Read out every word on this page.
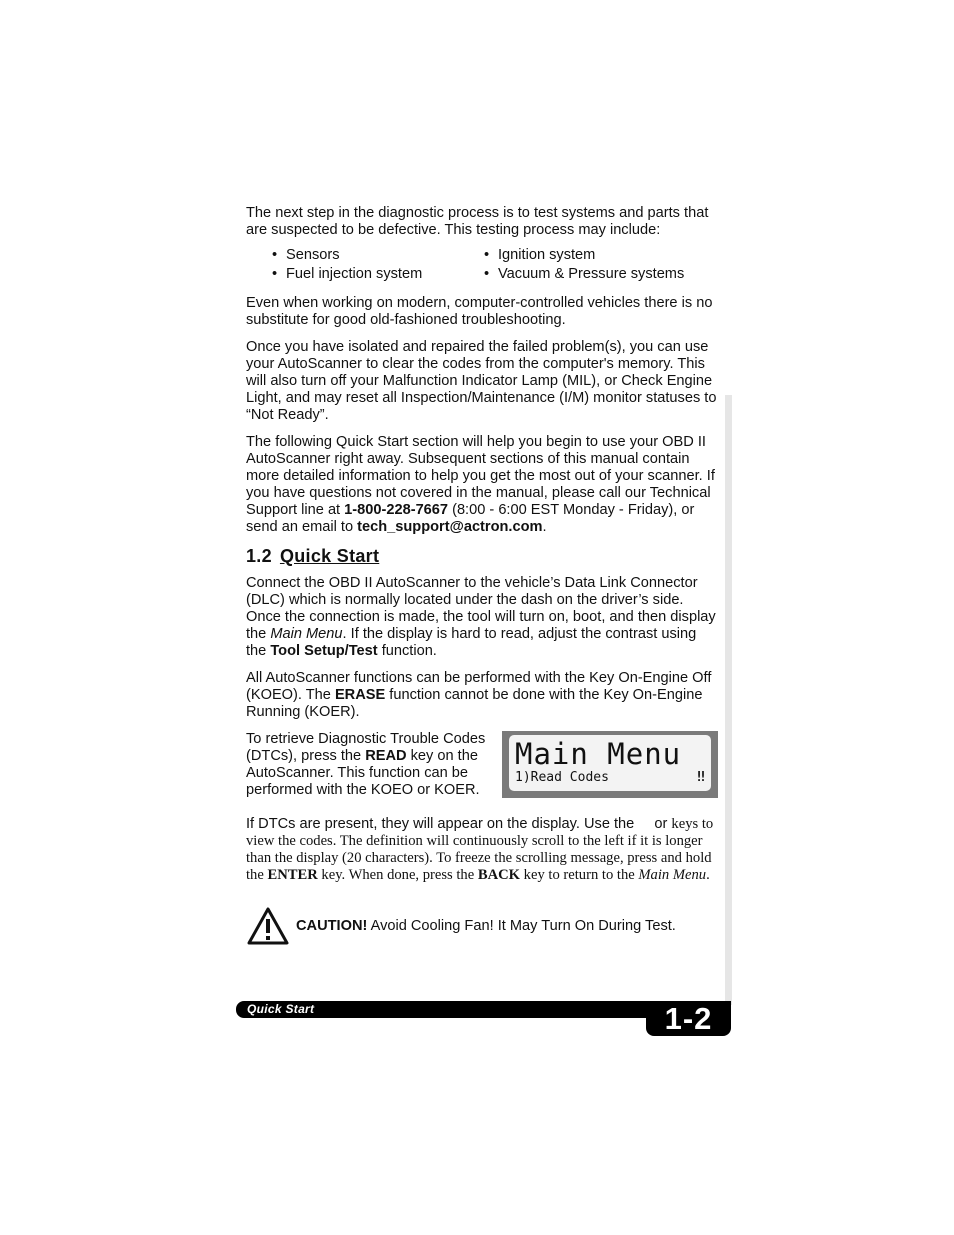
The next step in the diagnostic process is to test systems and parts that are suspected to be defective. This testing process may include:

• Sensors	• Ignition system
• Fuel injection system	• Vacuum & Pressure systems

Even when working on modern, computer-controlled vehicles there is no substitute for good old-fashioned troubleshooting.

Once you have isolated and repaired the failed problem(s), you can use your AutoScanner to clear the codes from the computer's memory. This will also turn off your Malfunction Indicator Lamp (MIL), or Check Engine Light, and may reset all Inspection/Maintenance (I/M) monitor statuses to “Not Ready”.

The following Quick Start section will help you begin to use your OBD II AutoScanner right away. Subsequent sections of this manual contain more detailed information to help you get the most out of your scanner. If you have questions not covered in the manual, please call our Technical Support line at 1-800-228-7667 (8:00 - 6:00 EST Monday - Friday), or send an email to tech_support@actron.com.

1.2 Quick Start

Connect the OBD II AutoScanner to the vehicle’s Data Link Connector (DLC) which is normally located under the dash on the driver’s side. Once the connection is made, the tool will turn on, boot, and then display the Main Menu. If the display is hard to read, adjust the contrast using the Tool Setup/Test function.

All AutoScanner functions can be performed with the Key On-Engine Off (KOEO). The ERASE function cannot be done with the Key On-Engine Running (KOER).

Main Menu
1)Read Codes	‼

To retrieve Diagnostic Trouble Codes (DTCs), press the READ key on the AutoScanner. This function can be performed with the KOEO or KOER.

If DTCs are present, they will appear on the display. Use the  or keys to view the codes. The definition will continuously scroll to the left if it is longer than the display (20 characters). To freeze the scrolling message, press and hold the ENTER key. When done, press the BACK key to return to the Main Menu.

CAUTION! Avoid Cooling Fan! It May Turn On During Test.

Quick Start	1-2
